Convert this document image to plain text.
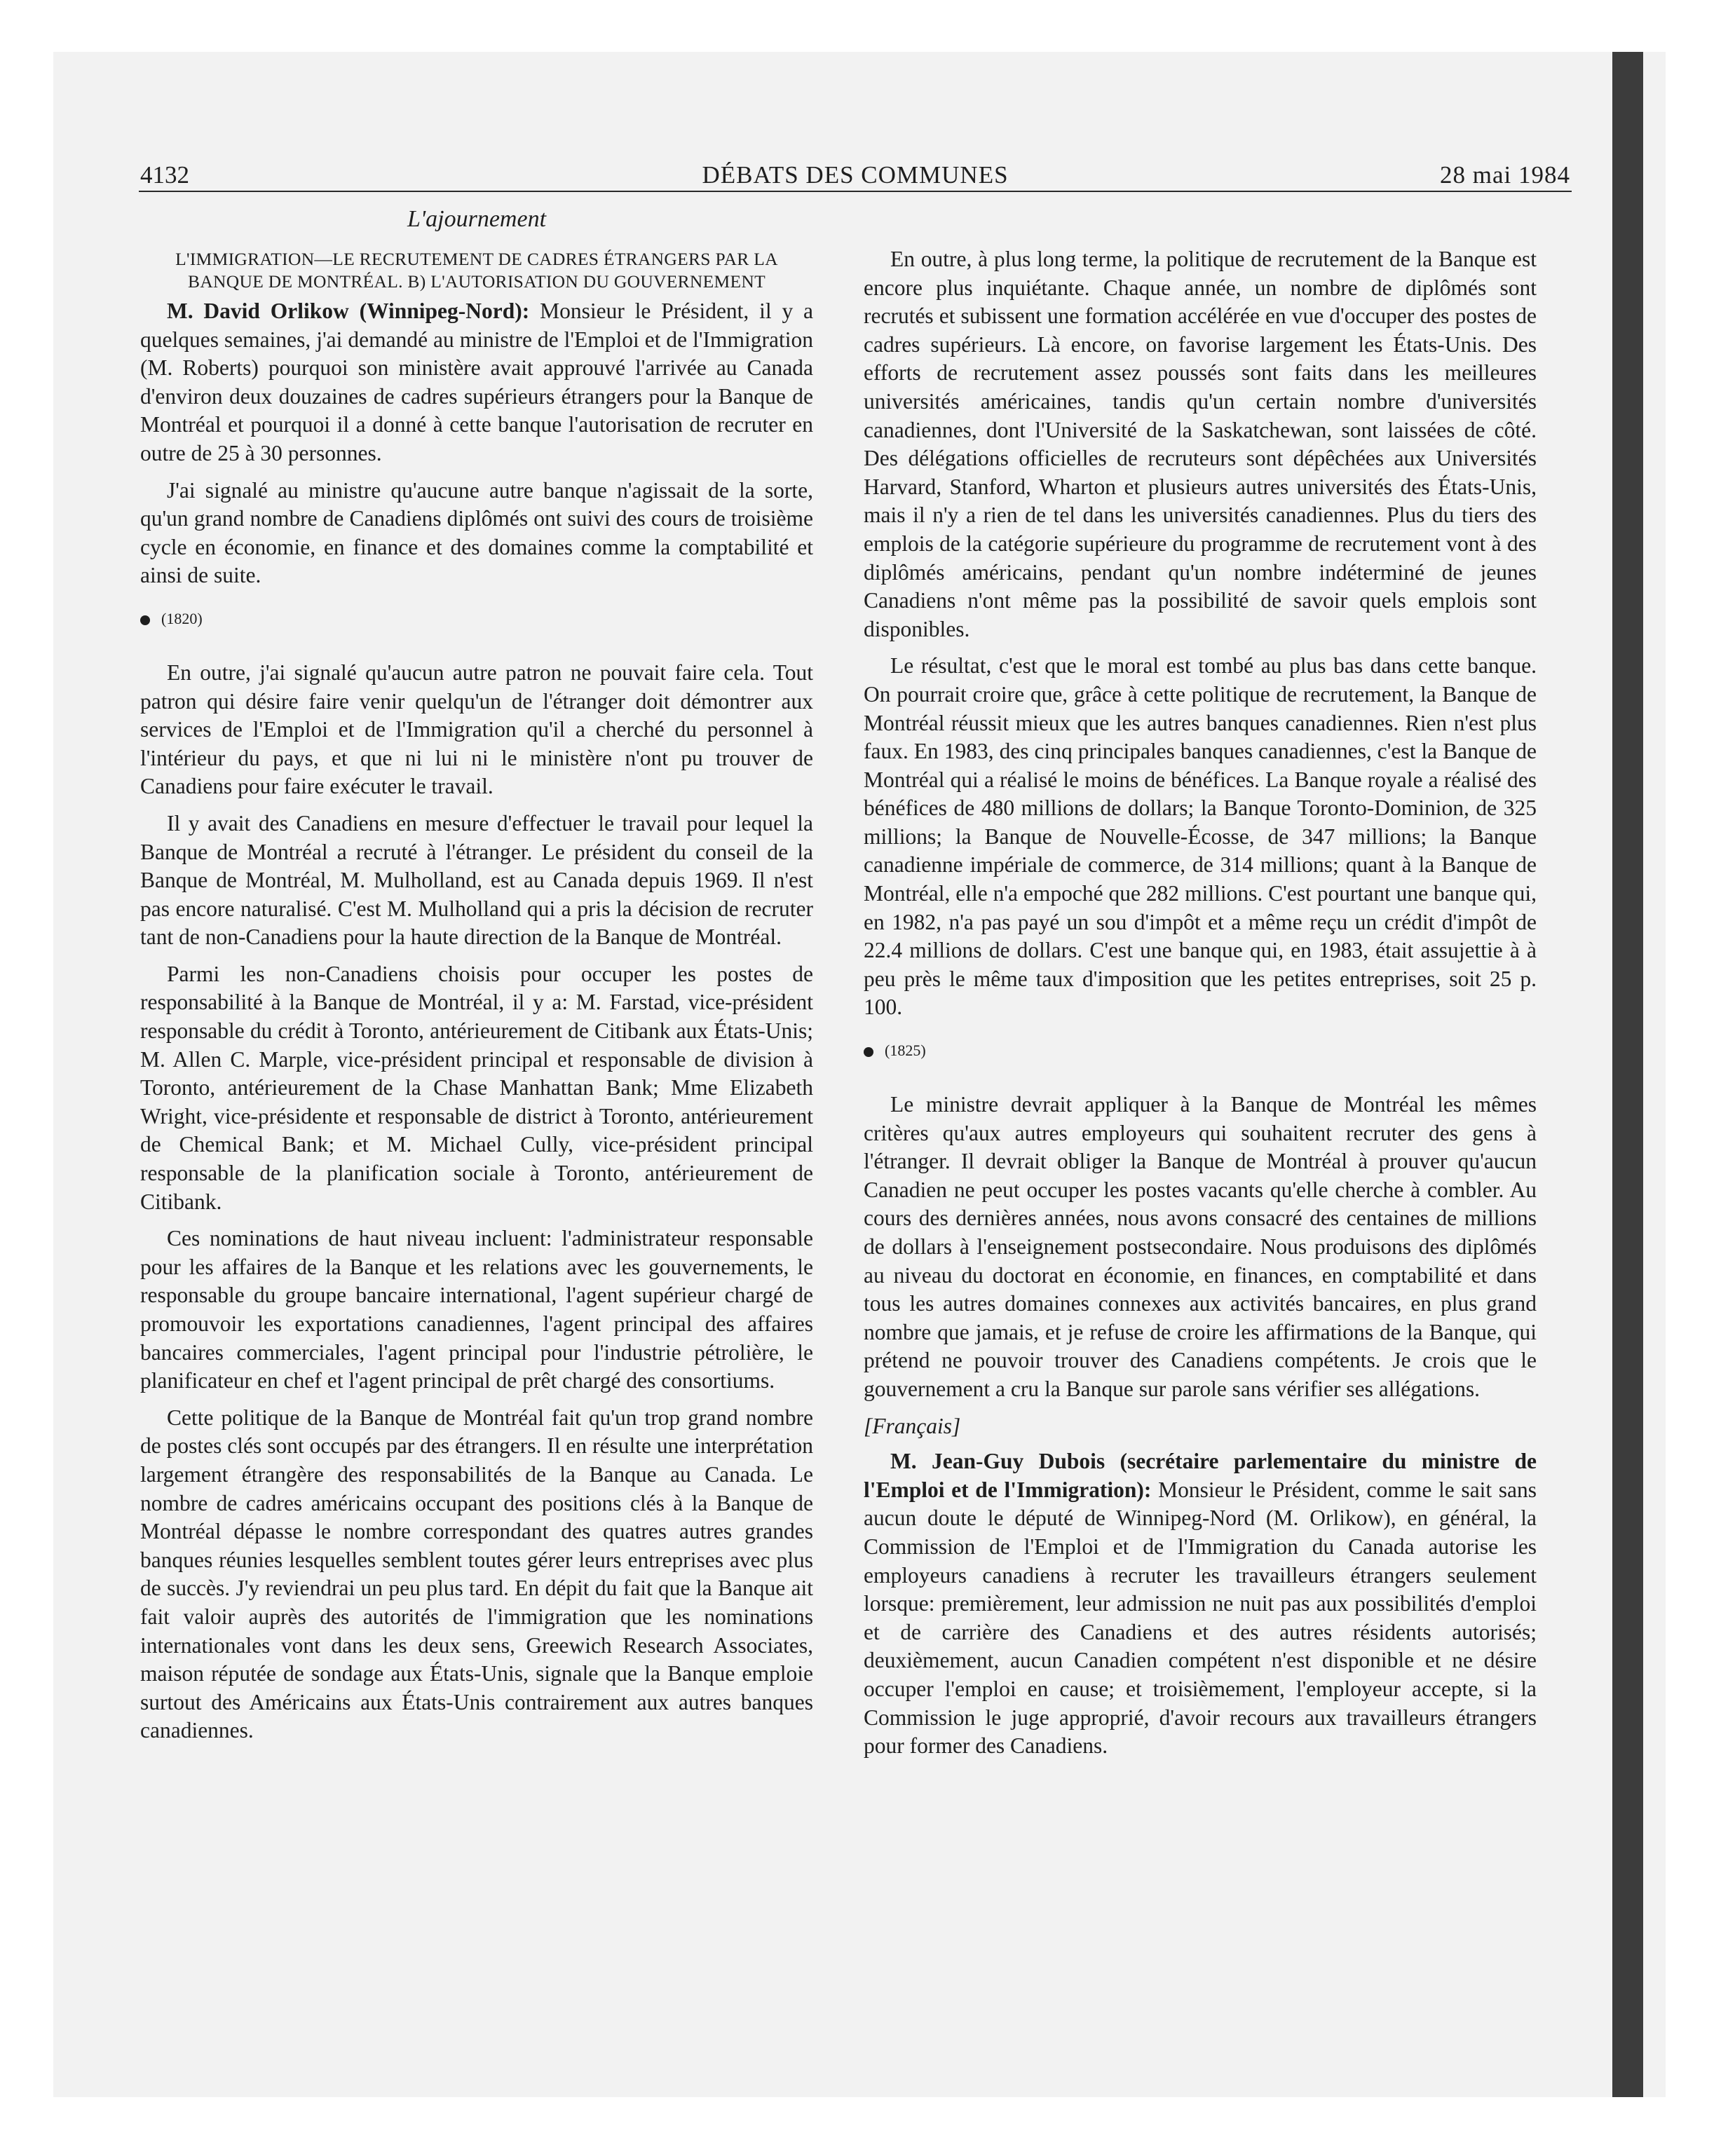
4132	DÉBATS DES COMMUNES	28 mai 1984
L'ajournement
L'IMMIGRATION—LE RECRUTEMENT DE CADRES ÉTRANGERS PAR LA BANQUE DE MONTRÉAL. B) L'AUTORISATION DU GOUVERNEMENT

M. David Orlikow (Winnipeg-Nord): Monsieur le Président, il y a quelques semaines, j'ai demandé au ministre de l'Emploi et de l'Immigration (M. Roberts) pourquoi son ministère avait approuvé l'arrivée au Canada d'environ deux douzaines de cadres supérieurs étrangers pour la Banque de Montréal et pourquoi il a donné à cette banque l'autorisation de recruter en outre de 25 à 30 personnes.

J'ai signalé au ministre qu'aucune autre banque n'agissait de la sorte, qu'un grand nombre de Canadiens diplômés ont suivi des cours de troisième cycle en économie, en finance et des domaines comme la comptabilité et ainsi de suite.

(1820)

En outre, j'ai signalé qu'aucun autre patron ne pouvait faire cela. Tout patron qui désire faire venir quelqu'un de l'étranger doit démontrer aux services de l'Emploi et de l'Immigration qu'il a cherché du personnel à l'intérieur du pays, et que ni lui ni le ministère n'ont pu trouver de Canadiens pour faire exécuter le travail.

Il y avait des Canadiens en mesure d'effectuer le travail pour lequel la Banque de Montréal a recruté à l'étranger. Le président du conseil de la Banque de Montréal, M. Mulholland, est au Canada depuis 1969. Il n'est pas encore naturalisé. C'est M. Mulholland qui a pris la décision de recruter tant de non-Canadiens pour la haute direction de la Banque de Montréal.

Parmi les non-Canadiens choisis pour occuper les postes de responsabilité à la Banque de Montréal, il y a: M. Farstad, vice-président responsable du crédit à Toronto, antérieurement de Citibank aux États-Unis; M. Allen C. Marple, vice-président principal et responsable de division à Toronto, antérieurement de la Chase Manhattan Bank; Mme Elizabeth Wright, vice-présidente et responsable de district à Toronto, antérieurement de Chemical Bank; et M. Michael Cully, vice-président principal responsable de la planification sociale à Toronto, antérieurement de Citibank.

Ces nominations de haut niveau incluent: l'administrateur responsable pour les affaires de la Banque et les relations avec les gouvernements, le responsable du groupe bancaire international, l'agent supérieur chargé de promouvoir les exportations canadiennes, l'agent principal des affaires bancaires commerciales, l'agent principal pour l'industrie pétrolière, le planificateur en chef et l'agent principal de prêt chargé des consortiums.

Cette politique de la Banque de Montréal fait qu'un trop grand nombre de postes clés sont occupés par des étrangers. Il en résulte une interprétation largement étrangère des responsabilités de la Banque au Canada. Le nombre de cadres américains occupant des positions clés à la Banque de Montréal dépasse le nombre correspondant des quatres autres grandes banques réunies lesquelles semblent toutes gérer leurs entreprises avec plus de succès. J'y reviendrai un peu plus tard. En dépit du fait que la Banque ait fait valoir auprès des autorités de l'immigration que les nominations internationales vont dans les deux sens, Greewich Research Associates, maison réputée de sondage aux États-Unis, signale que la Banque emploie surtout des Américains aux États-Unis contrairement aux autres banques canadiennes.

En outre, à plus long terme, la politique de recrutement de la Banque est encore plus inquiétante. Chaque année, un nombre de diplômés sont recrutés et subissent une formation accélérée en vue d'occuper des postes de cadres supérieurs. Là encore, on favorise largement les États-Unis. Des efforts de recrutement assez poussés sont faits dans les meilleures universités américaines, tandis qu'un certain nombre d'universités canadiennes, dont l'Université de la Saskatchewan, sont laissées de côté. Des délégations officielles de recruteurs sont dépêchées aux Universités Harvard, Stanford, Wharton et plusieurs autres universités des États-Unis, mais il n'y a rien de tel dans les universités canadiennes. Plus du tiers des emplois de la catégorie supérieure du programme de recrutement vont à des diplômés américains, pendant qu'un nombre indéterminé de jeunes Canadiens n'ont même pas la possibilité de savoir quels emplois sont disponibles.

Le résultat, c'est que le moral est tombé au plus bas dans cette banque. On pourrait croire que, grâce à cette politique de recrutement, la Banque de Montréal réussit mieux que les autres banques canadiennes. Rien n'est plus faux. En 1983, des cinq principales banques canadiennes, c'est la Banque de Montréal qui a réalisé le moins de bénéfices. La Banque royale a réalisé des bénéfices de 480 millions de dollars; la Banque Toronto-Dominion, de 325 millions; la Banque de Nouvelle-Écosse, de 347 millions; la Banque canadienne impériale de commerce, de 314 millions; quant à la Banque de Montréal, elle n'a empoché que 282 millions. C'est pourtant une banque qui, en 1982, n'a pas payé un sou d'impôt et a même reçu un crédit d'impôt de 22.4 millions de dollars. C'est une banque qui, en 1983, était assujettie à à peu près le même taux d'imposition que les petites entreprises, soit 25 p. 100.

(1825)

Le ministre devrait appliquer à la Banque de Montréal les mêmes critères qu'aux autres employeurs qui souhaitent recruter des gens à l'étranger. Il devrait obliger la Banque de Montréal à prouver qu'aucun Canadien ne peut occuper les postes vacants qu'elle cherche à combler. Au cours des dernières années, nous avons consacré des centaines de millions de dollars à l'enseignement postsecondaire. Nous produisons des diplômés au niveau du doctorat en économie, en finances, en comptabilité et dans tous les autres domaines connexes aux activités bancaires, en plus grand nombre que jamais, et je refuse de croire les affirmations de la Banque, qui prétend ne pouvoir trouver des Canadiens compétents. Je crois que le gouvernement a cru la Banque sur parole sans vérifier ses allégations.

[Français]

M. Jean-Guy Dubois (secrétaire parlementaire du ministre de l'Emploi et de l'Immigration): Monsieur le Président, comme le sait sans aucun doute le député de Winnipeg-Nord (M. Orlikow), en général, la Commission de l'Emploi et de l'Immigration du Canada autorise les employeurs canadiens à recruter les travailleurs étrangers seulement lorsque: premièrement, leur admission ne nuit pas aux possibilités d'emploi et de carrière des Canadiens et des autres résidents autorisés; deuxièmement, aucun Canadien compétent n'est disponible et ne désire occuper l'emploi en cause; et troisièmement, l'employeur accepte, si la Commission le juge approprié, d'avoir recours aux travailleurs étrangers pour former des Canadiens.
